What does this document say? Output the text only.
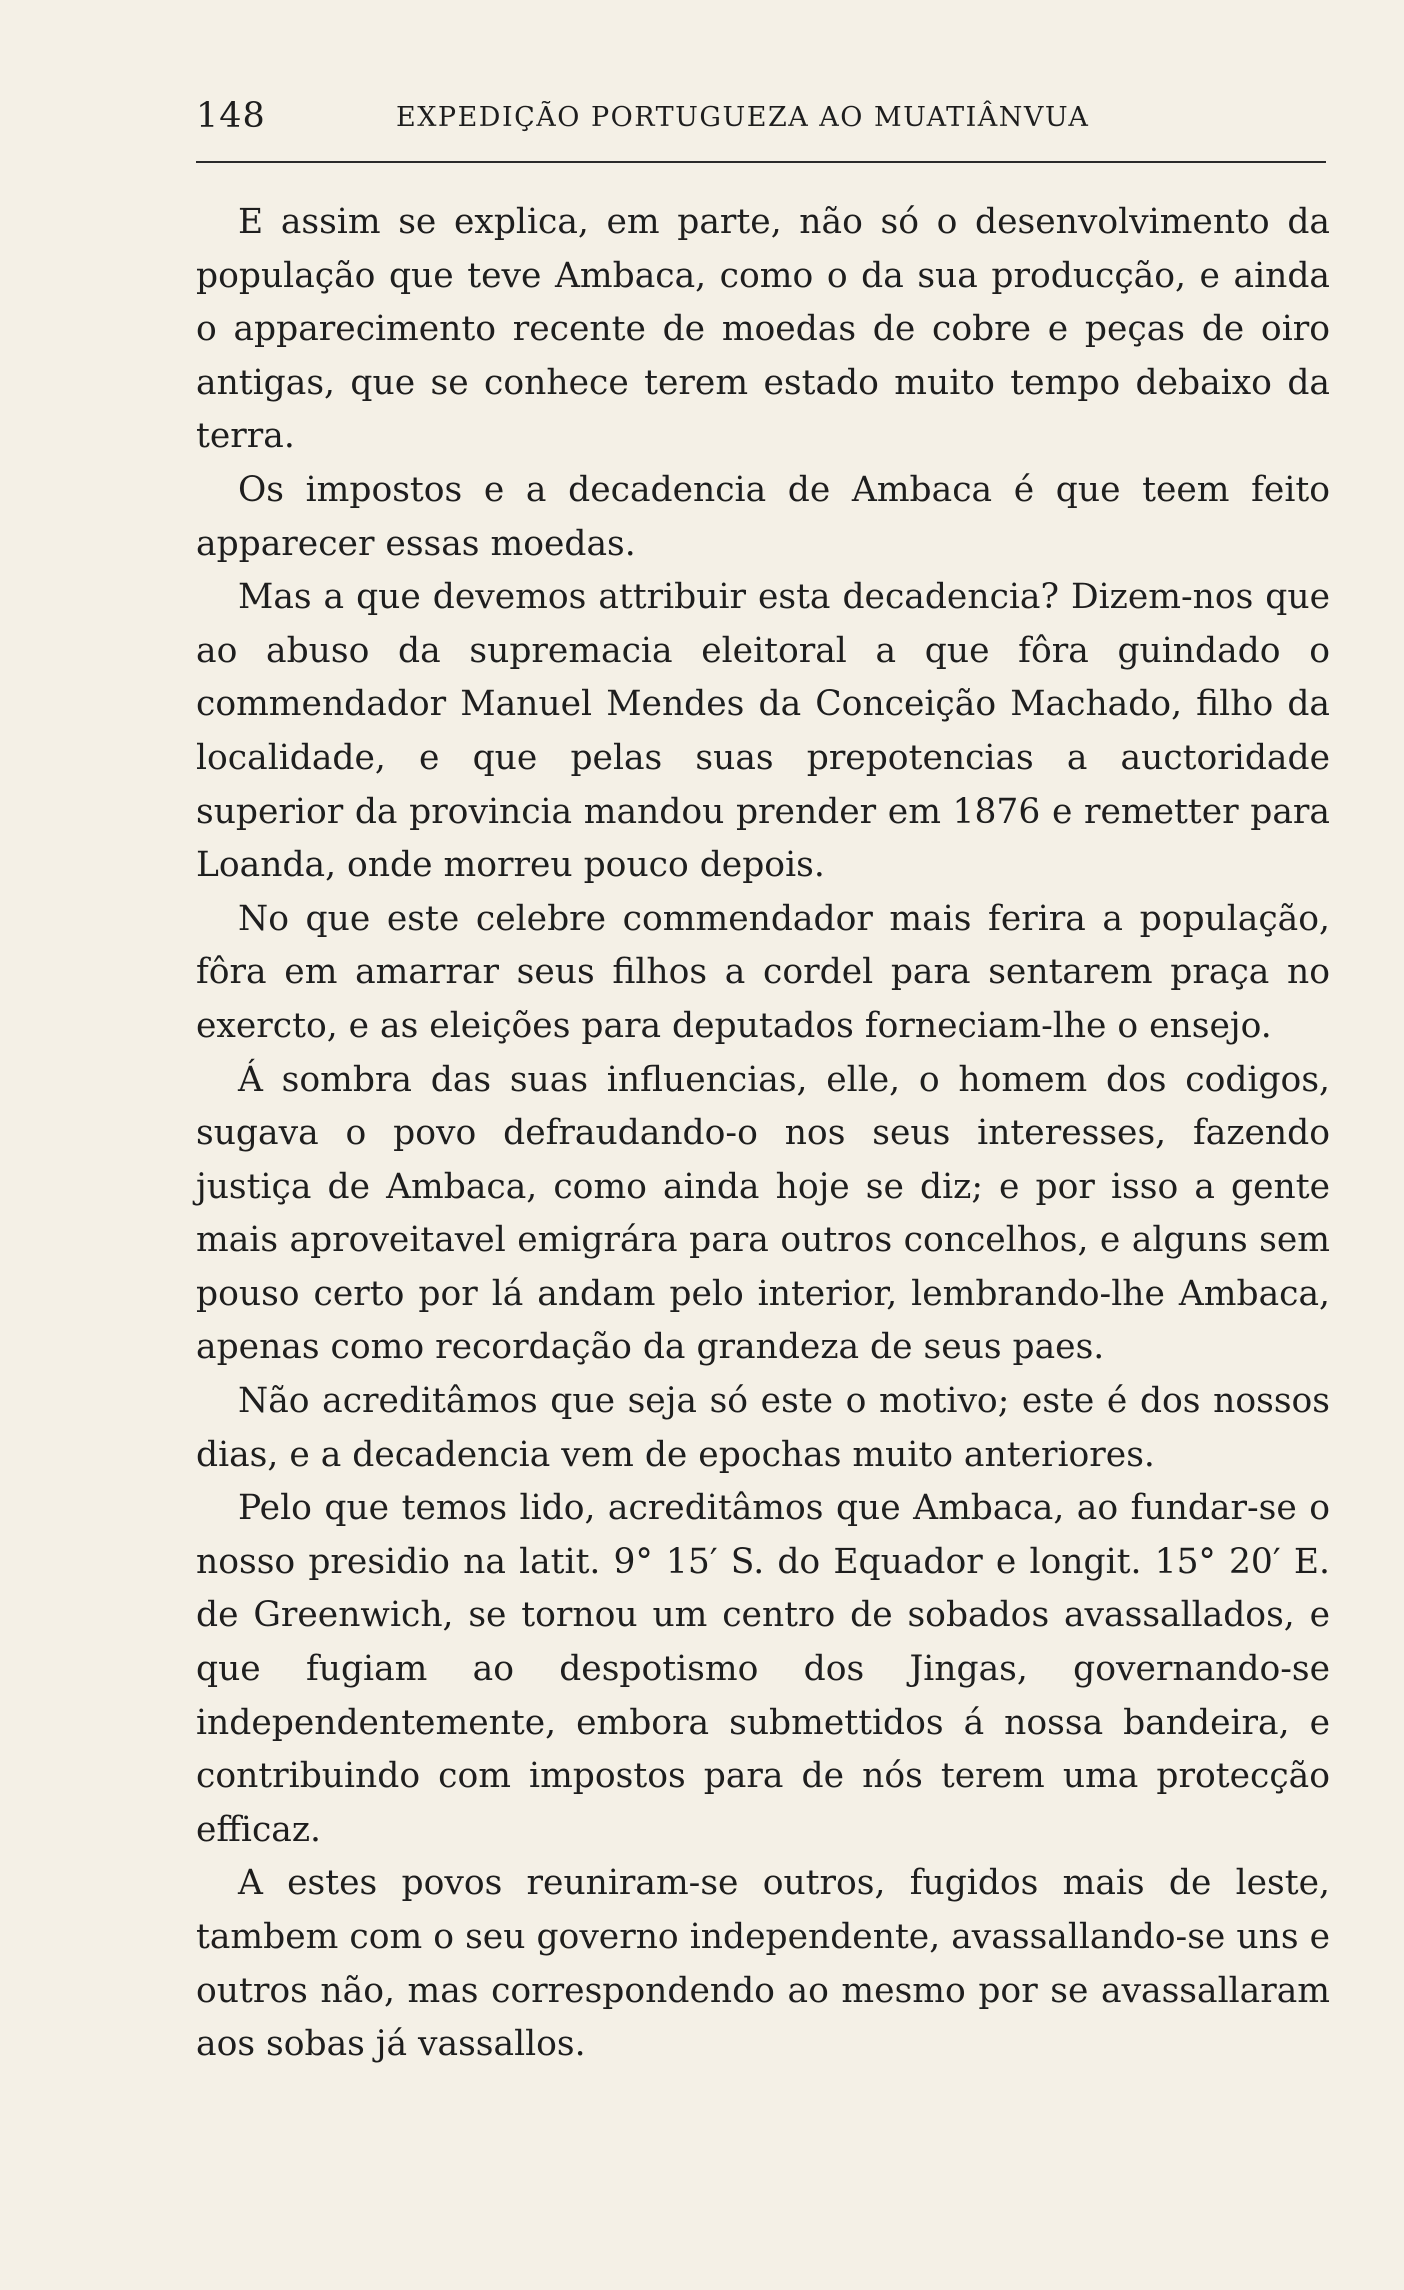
148	EXPEDIÇÃO PORTUGUEZA AO MUATIÂNVUA

E assim se explica, em parte, não só o desenvolvimento da população que teve Ambaca, como o da sua producção, e ainda o apparecimento recente de moedas de cobre e peças de oiro antigas, que se conhece terem estado muito tempo debaixo da terra.

Os impostos e a decadencia de Ambaca é que teem feito apparecer essas moedas.

Mas a que devemos attribuir esta decadencia? Dizem-nos que ao abuso da supremacia eleitoral a que fôra guindado o commendador Manuel Mendes da Conceição Machado, filho da localidade, e que pelas suas prepotencias a auctoridade superior da provincia mandou prender em 1876 e remetter para Loanda, onde morreu pouco depois.

No que este celebre commendador mais ferira a população, fôra em amarrar seus filhos a cordel para sentarem praça no exercto, e as eleições para deputados forneciam-lhe o ensejo.

Á sombra das suas influencias, elle, o homem dos codigos, sugava o povo defraudando-o nos seus interesses, fazendo justiça de Ambaca, como ainda hoje se diz; e por isso a gente mais aproveitavel emigrára para outros concelhos, e alguns sem pouso certo por lá andam pelo interior, lembrando-lhe Ambaca, apenas como recordação da grandeza de seus paes.

Não acreditâmos que seja só este o motivo; este é dos nossos dias, e a decadencia vem de epochas muito anteriores.

Pelo que temos lido, acreditâmos que Ambaca, ao fundar-se o nosso presidio na latit. 9° 15′ S. do Equador e longit. 15° 20′ E. de Greenwich, se tornou um centro de sobados avassallados, e que fugiam ao despotismo dos Jingas, governando-se independentemente, embora submettidos á nossa bandeira, e contribuindo com impostos para de nós terem uma protecção efficaz.

A estes povos reuniram-se outros, fugidos mais de leste, tambem com o seu governo independente, avassallando-se uns e outros não, mas correspondendo ao mesmo por se avassallaram aos sobas já vassallos.
